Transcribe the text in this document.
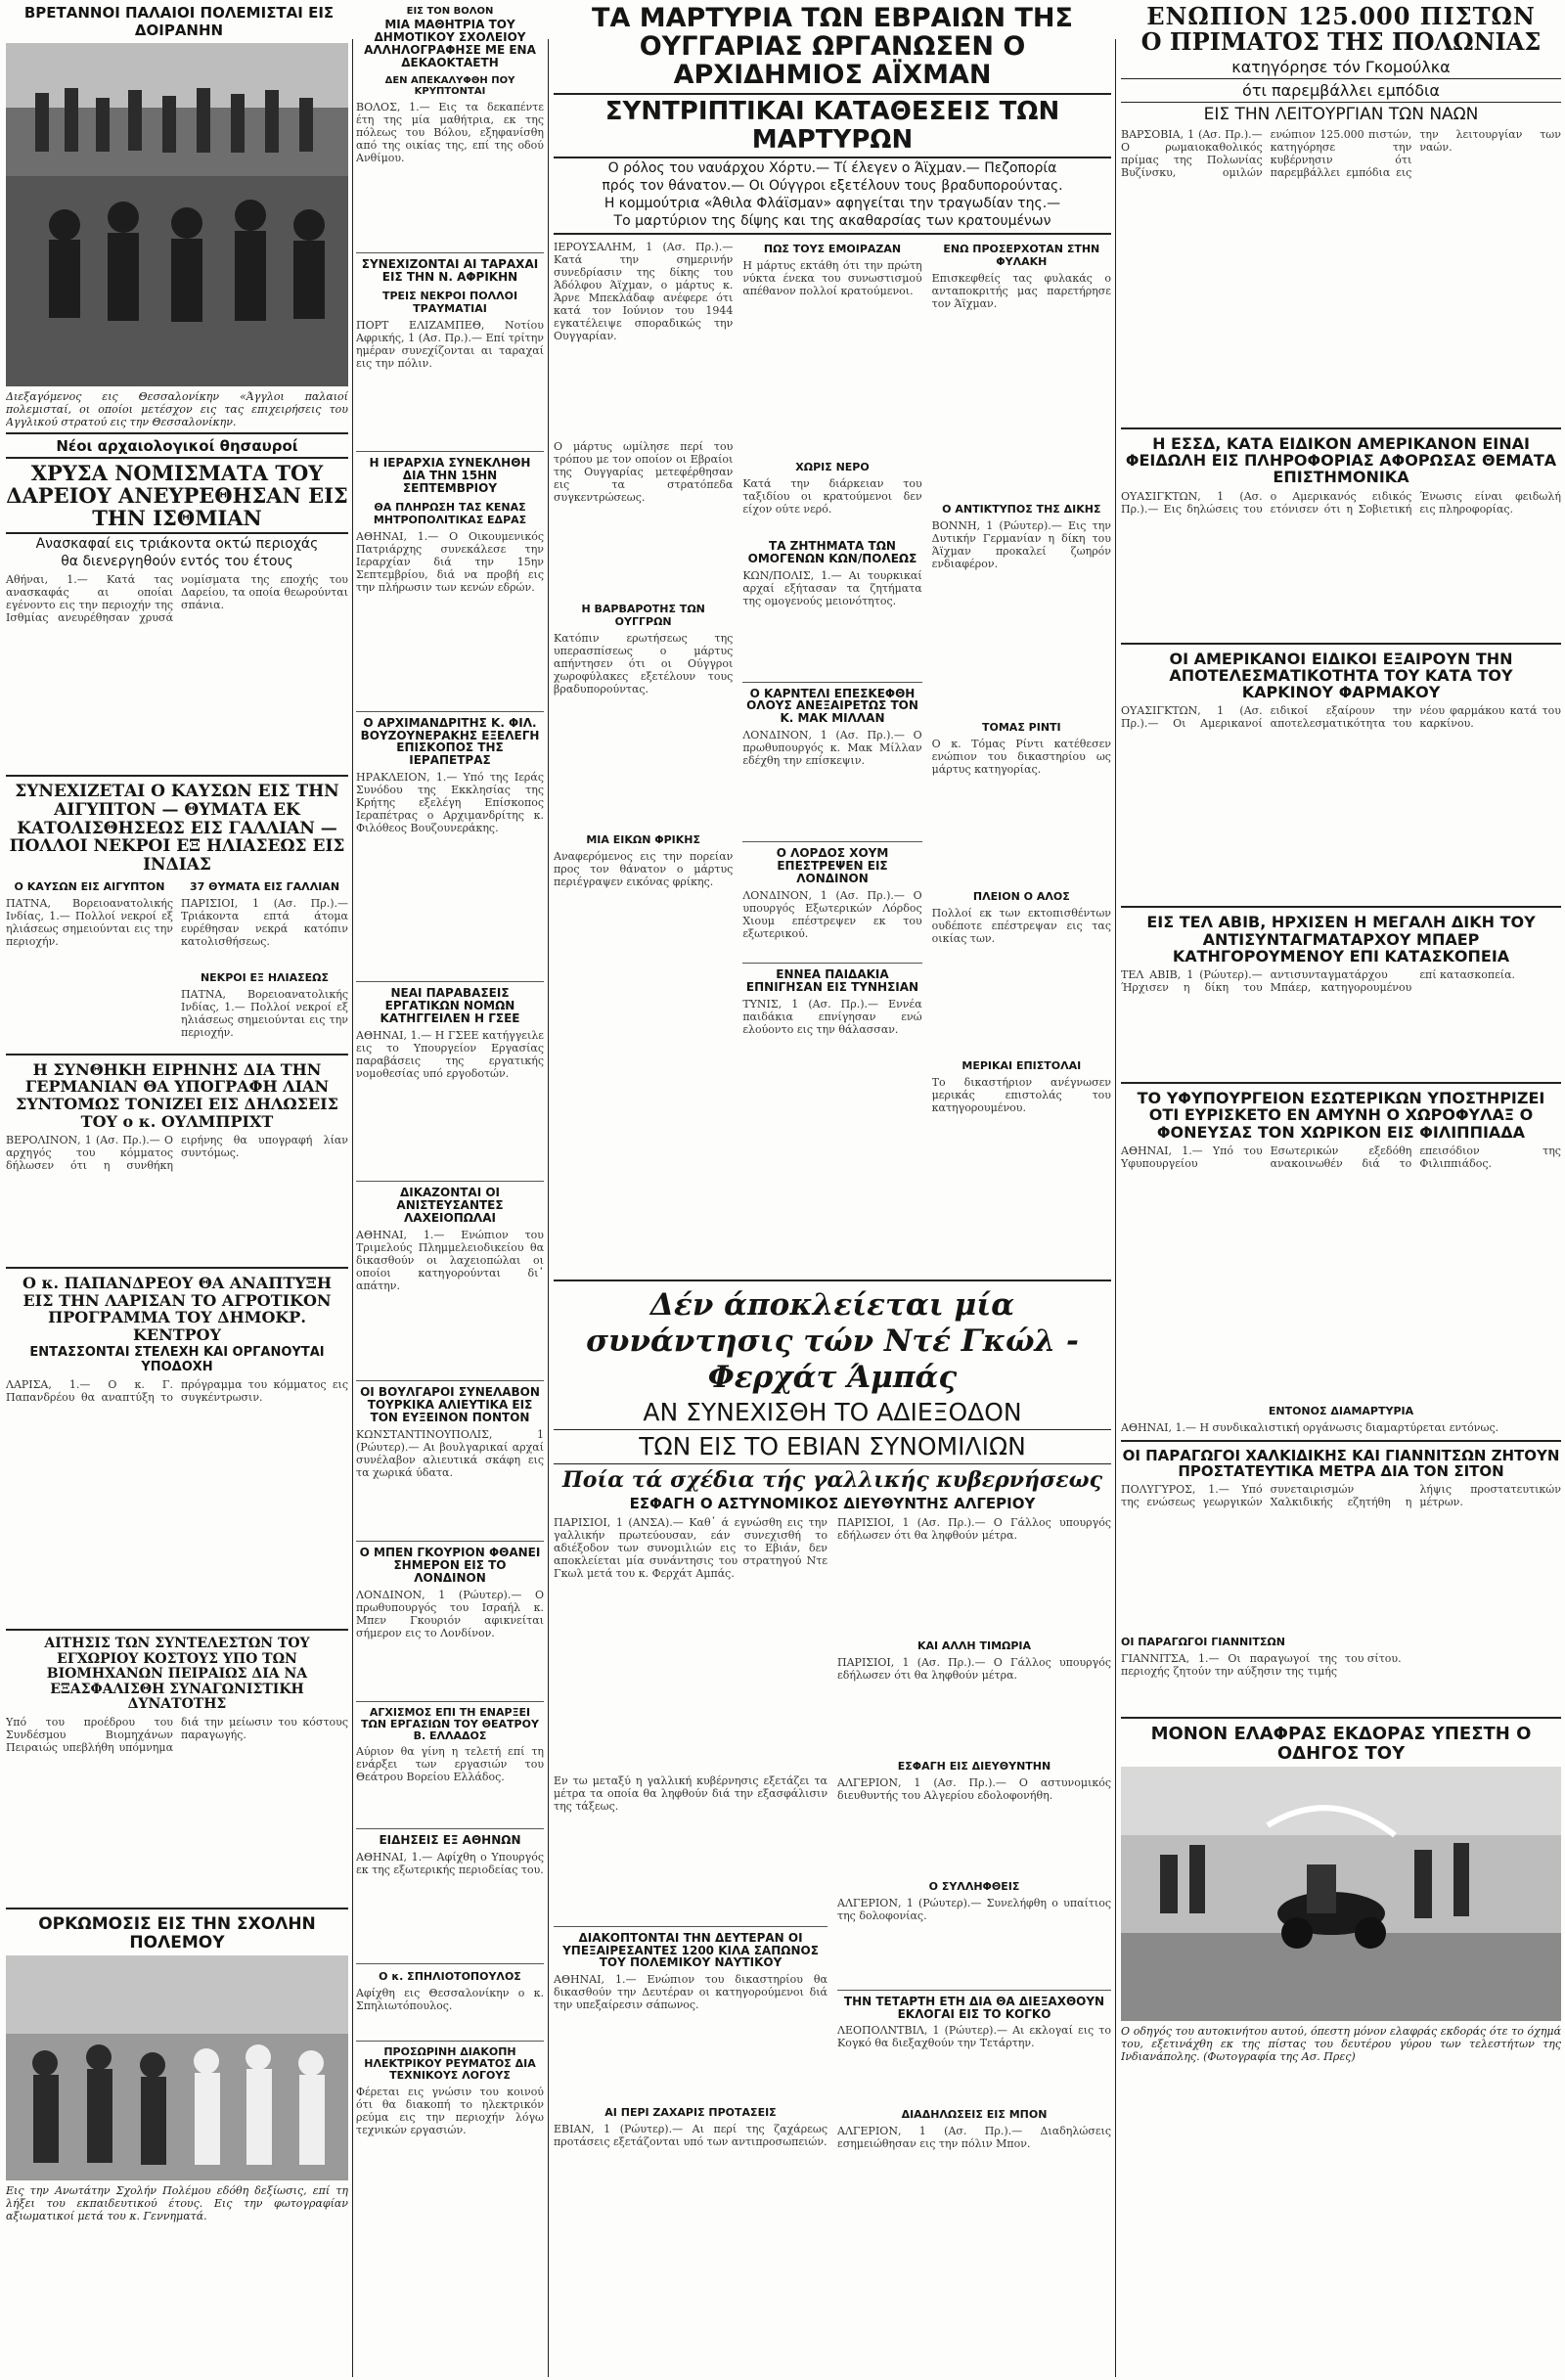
ΒΡΕΤΑΝΝΟΙ ΠΑΛΑΙΟΙ ΠΟΛΕΜΙΣΤΑΙ ΕΙΣ ΔΟΙΡΑΝΗΝ
Διεξαγόμενος εις Θεσσαλονίκην «Άγγλοι παλαιοί πολεμισταί, οι οποίοι μετέσχον εις τας επιχειρήσεις του Αγγλικού στρατού εις την Θεσσαλονίκην.
Νέοι αρχαιολογικοί θησαυροί
ΧΡΥΣΑ ΝΟΜΙΣΜΑΤΑ ΤΟΥ ΔΑΡΕΙΟΥ ΑΝΕΥΡΕΘΗΣΑΝ ΕΙΣ ΤΗΝ ΙΣΘΜΙΑΝ
Ανασκαφαί εις τριάκοντα οκτώ περιοχάς
θα διενεργηθούν εντός του έτους
Αθήναι, 1.— Κατά τας ανασκαφάς αι οποίαι εγένοντο εις την περιοχήν της Ισθμίας ανευρέθησαν χρυσά νομίσματα της εποχής του Δαρείου, τα οποία θεωρούνται σπάνια.
ΣΥΝΕΧΙΖΕΤΑΙ Ο ΚΑΥΣΩΝ ΕΙΣ ΤΗΝ ΑΙΓΥΠΤΟΝ — ΘΥΜΑΤΑ ΕΚ ΚΑΤΟΛΙΣΘΗΣΕΩΣ ΕΙΣ ΓΑΛΛΙΑΝ — ΠΟΛΛΟΙ ΝΕΚΡΟΙ ΕΞ ΗΛΙΑΣΕΩΣ ΕΙΣ ΙΝΔΙΑΣ
Ο ΚΑΥΣΩΝ ΕΙΣ ΑΙΓΥΠΤΟΝ
ΠΑΤΝΑ, Βορειοανατολικής Ινδίας, 1.— Πολλοί νεκροί εξ ηλιάσεως σημειούνται εις την περιοχήν.
37 ΘΥΜΑΤΑ ΕΙΣ ΓΑΛΛΙΑΝ
ΠΑΡΙΣΙΟΙ, 1 (Ασ. Πρ.).— Τριάκοντα επτά άτομα ευρέθησαν νεκρά κατόπιν κατολισθήσεως.
ΝΕΚΡΟΙ ΕΞ ΗΛΙΑΣΕΩΣ
ΠΑΤΝΑ, Βορειοανατολικής Ινδίας, 1.— Πολλοί νεκροί εξ ηλιάσεως σημειούνται εις την περιοχήν.
Η ΣΥΝΘΗΚΗ ΕΙΡΗΝΗΣ ΔΙΑ ΤΗΝ ΓΕΡΜΑΝΙΑΝ ΘΑ ΥΠΟΓΡΑΦΗ ΛΙΑΝ ΣΥΝΤΟΜΩΣ ΤΟΝΙΖΕΙ ΕΙΣ ΔΗΛΩΣΕΙΣ ΤΟΥ ο κ. ΟΥΛΜΠΡΙΧΤ
ΒΕΡΟΛΙΝΟΝ, 1 (Ασ. Πρ.).— Ο αρχηγός του κόμματος δήλωσεν ότι η συνθήκη ειρήνης θα υπογραφή λίαν συντόμως.
Ο κ. ΠΑΠΑΝΔΡΕΟΥ ΘΑ ΑΝΑΠΤΥΞΗ ΕΙΣ ΤΗΝ ΛΑΡΙΣΑΝ ΤΟ ΑΓΡΟΤΙΚΟΝ ΠΡΟΓΡΑΜΜΑ ΤΟΥ ΔΗΜΟΚΡ. ΚΕΝΤΡΟΥ
ΕΝΤΑΣΣΟΝΤΑΙ ΣΤΕΛΕΧΗ ΚΑΙ ΟΡΓΑΝΟΥΤΑΙ ΥΠΟΔΟΧΗ
ΛΑΡΙΣΑ, 1.— Ο κ. Γ. Παπανδρέου θα αναπτύξη το πρόγραμμα του κόμματος εις συγκέντρωσιν.
ΑΙΤΗΣΙΣ ΤΩΝ ΣΥΝΤΕΛΕΣΤΩΝ ΤΟΥ ΕΓΧΩΡΙΟΥ ΚΟΣΤΟΥΣ ΥΠΟ ΤΩΝ ΒΙΟΜΗΧΑΝΩΝ ΠΕΙΡΑΙΩΣ ΔΙΑ ΝΑ ΕΞΑΣΦΑΛΙΣΘΗ ΣΥΝΑΓΩΝΙΣΤΙΚΗ ΔΥΝΑΤΟΤΗΣ
Υπό του προέδρου του Συνδέσμου Βιομηχάνων Πειραιώς υπεβλήθη υπόμνημα διά την μείωσιν του κόστους παραγωγής.
ΟΡΚΩΜΟΣΙΣ ΕΙΣ ΤΗΝ ΣΧΟΛΗΝ ΠΟΛΕΜΟΥ
Εις την Ανωτάτην Σχολήν Πολέμου εδόθη δεξίωσις, επί τη λήξει του εκπαιδευτικού έτους. Εις την φωτογραφίαν αξιωματικοί μετά του κ. Γεννηματά.
ΕΙΣ ΤΟΝ ΒΟΛΟΝ
ΜΙΑ ΜΑΘΗΤΡΙΑ ΤΟΥ ΔΗΜΟΤΙΚΟΥ ΣΧΟΛΕΙΟΥ ΑΛΛΗΛΟΓΡΑΦΗΣΕ ΜΕ ΕΝΑ ΔΕΚΑΟΚΤΑΕΤΗ
ΔΕΝ ΑΠΕΚΑΛΥΦΘΗ ΠΟΥ ΚΡΥΠΤΟΝΤΑΙ
ΒΟΛΟΣ, 1.— Εις τα δεκαπέντε έτη της μία μαθήτρια, εκ της πόλεως του Βόλου, εξηφανίσθη από της οικίας της, επί της οδού Ανθίμου.
ΣΥΝΕΧΙΖΟΝΤΑΙ ΑΙ ΤΑΡΑΧΑΙ ΕΙΣ ΤΗΝ Ν. ΑΦΡΙΚΗΝ
ΤΡΕΙΣ ΝΕΚΡΟΙ ΠΟΛΛΟΙ ΤΡΑΥΜΑΤΙΑΙ
ΠΟΡΤ ΕΛΙΖΑΜΠΕΘ, Νοτίου Αφρικής, 1 (Ασ. Πρ.).— Επί τρίτην ημέραν συνεχίζονται αι ταραχαί εις την πόλιν.
Η ΙΕΡΑΡΧΙΑ ΣΥΝΕΚΛΗΘΗ ΔΙΑ ΤΗΝ 15ΗΝ ΣΕΠΤΕΜΒΡΙΟΥ
ΘΑ ΠΛΗΡΩΣΗ ΤΑΣ ΚΕΝΑΣ ΜΗΤΡΟΠΟΛΙΤΙΚΑΣ ΕΔΡΑΣ
ΑΘΗΝΑΙ, 1.— Ο Οικουμενικός Πατριάρχης συνεκάλεσε την Ιεραρχίαν διά την 15ην Σεπτεμβρίου, διά να προβή εις την πλήρωσιν των κενών εδρών.
Ο ΑΡΧΙΜΑΝΔΡΙΤΗΣ Κ. ΦΙΛ. ΒΟΥΖΟΥΝΕΡΑΚΗΣ ΕΞΕΛΕΓΗ ΕΠΙΣΚΟΠΟΣ ΤΗΣ ΙΕΡΑΠΕΤΡΑΣ
ΗΡΑΚΛΕΙΟΝ, 1.— Υπό της Ιεράς Συνόδου της Εκκλησίας της Κρήτης εξελέγη Επίσκοπος Ιεραπέτρας ο Αρχιμανδρίτης κ. Φιλόθεος Βουζουνεράκης.
ΝΕΑΙ ΠΑΡΑΒΑΣΕΙΣ ΕΡΓΑΤΙΚΩΝ ΝΟΜΩΝ ΚΑΤΗΓΓΕΙΛΕΝ Η ΓΣΕΕ
ΑΘΗΝΑΙ, 1.— Η ΓΣΕΕ κατήγγειλε εις το Υπουργείον Εργασίας παραβάσεις της εργατικής νομοθεσίας υπό εργοδοτών.
ΔΙΚΑΖΟΝΤΑΙ ΟΙ ΑΝΙΣΤΕΥΣΑΝΤΕΣ ΛΑΧΕΙΟΠΩΛΑΙ
ΑΘΗΝΑΙ, 1.— Ενώπιον του Τριμελούς Πλημμελειοδικείου θα δικασθούν οι λαχειοπώλαι οι οποίοι κατηγορούνται δι᾽ απάτην.
ΟΙ ΒΟΥΛΓΑΡΟΙ ΣΥΝΕΛΑΒΟΝ ΤΟΥΡΚΙΚΑ ΑΛΙΕΥΤΙΚΑ ΕΙΣ ΤΟΝ ΕΥΞΕΙΝΟΝ ΠΟΝΤΟΝ
ΚΩΝΣΤΑΝΤΙΝΟΥΠΟΛΙΣ, 1 (Ρώυτερ).— Αι βουλγαρικαί αρχαί συνέλαβον αλιευτικά σκάφη εις τα χωρικά ύδατα.
Ο ΜΠΕΝ ΓΚΟΥΡΙΟΝ ΦΘΑΝΕΙ ΣΗΜΕΡΟΝ ΕΙΣ ΤΟ ΛΟΝΔΙΝΟΝ
ΛΟΝΔΙΝΟΝ, 1 (Ρώυτερ).— Ο πρωθυπουργός του Ισραήλ κ. Μπεν Γκουριόν αφικνείται σήμερον εις το Λονδίνον.
ΑΓΧΙΣΜΟΣ ΕΠΙ ΤΗ ΕΝΑΡΞΕΙ ΤΩΝ ΕΡΓΑΣΙΩΝ ΤΟΥ ΘΕΑΤΡΟΥ Β. ΕΛΛΑΔΟΣ
Αύριον θα γίνη η τελετή επί τη ενάρξει των εργασιών του Θεάτρου Βορείου Ελλάδος.
ΕΙΔΗΣΕΙΣ ΕΞ ΑΘΗΝΩΝ
ΑΘΗΝΑΙ, 1.— Αφίχθη ο Υπουργός εκ της εξωτερικής περιοδείας του.
Ο κ. ΣΠΗΛΙΟΤΟΠΟΥΛΟΣ
Αφίχθη εις Θεσσαλονίκην ο κ. Σπηλιωτόπουλος.
ΠΡΟΣΩΡΙΝΗ ΔΙΑΚΟΠΗ ΗΛΕΚΤΡΙΚΟΥ ΡΕΥΜΑΤΟΣ ΔΙΑ ΤΕΧΝΙΚΟΥΣ ΛΟΓΟΥΣ
Φέρεται εις γνώσιν του κοινού ότι θα διακοπή το ηλεκτρικόν ρεύμα εις την περιοχήν λόγω τεχνικών εργασιών.
ΤΑ ΜΑΡΤΥΡΙΑ ΤΩΝ ΕΒΡΑΙΩΝ ΤΗΣ ΟΥΓΓΑΡΙΑΣ ΩΡΓΑΝΩΣΕΝ Ο ΑΡΧΙΔΗΜΙΟΣ ΑΪΧΜΑΝ
ΣΥΝΤΡΙΠΤΙΚΑΙ ΚΑΤΑΘΕΣΕΙΣ ΤΩΝ ΜΑΡΤΥΡΩΝ
Ο ρόλος του ναυάρχου Χόρτυ.— Τί έλεγεν ο Άϊχμαν.— Πεζοπορία
πρός τον θάνατον.— Οι Ούγγροι εξετέλουν τους βραδυπορούντας.
Η κομμούτρια «Άθιλα Φλάϊσμαν» αφηγείται την τραγωδίαν της.—
Το μαρτύριον της δίψης και της ακαθαρσίας των κρατουμένων
ΙΕΡΟΥΣΑΛΗΜ, 1 (Ασ. Πρ.).— Κατά την σημερινήν συνεδρίασιν της δίκης του Άδόλφου Άϊχμαν, ο μάρτυς κ. Άρνε Μπεκλάδαφ ανέφερε ότι κατά τον Ιούνιον του 1944 εγκατέλειψε σποραδικώς την Ουγγαρίαν.
Ο μάρτυς ωμίλησε περί του τρόπου με τον οποίον οι Εβραίοι της Ουγγαρίας μετεφέρθησαν εις τα στρατόπεδα συγκεντρώσεως.
Η ΒΑΡΒΑΡΟΤΗΣ ΤΩΝ ΟΥΓΓΡΩΝ
Κατόπιν ερωτήσεως της υπερασπίσεως ο μάρτυς απήντησεν ότι οι Ούγγροι χωροφύλακες εξετέλουν τους βραδυπορούντας.
ΜΙΑ ΕΙΚΩΝ ΦΡΙΚΗΣ
Αναφερόμενος εις την πορείαν προς τον θάνατον ο μάρτυς περιέγραψεν εικόνας φρίκης.
ΠΩΣ ΤΟΥΣ ΕΜΟΙΡΑΖΑΝ
Η μάρτυς εκτάθη ότι την πρώτη νύκτα ένεκα του συνωστισμού απέθανον πολλοί κρατούμενοι.
ΧΩΡΙΣ ΝΕΡΟ
Κατά την διάρκειαν του ταξιδίου οι κρατούμενοι δεν είχον ούτε νερό.
ΤΑ ΖΗΤΗΜΑΤΑ ΤΩΝ ΟΜΟΓΕΝΩΝ ΚΩΝ/ΠΟΛΕΩΣ
ΚΩΝ/ΠΟΛΙΣ, 1.— Αι τουρκικαί αρχαί εξήτασαν τα ζητήματα της ομογενούς μειονότητος.
Ο ΚΑΡΝΤΕΛΙ ΕΠΕΣΚΕΦΘΗ ΟΛΟΥΣ ΑΝΕΞΑΙΡΕΤΩΣ ΤΟΝ Κ. ΜΑΚ ΜΙΛΛΑΝ
ΛΟΝΔΙΝΟΝ, 1 (Ασ. Πρ.).— Ο πρωθυπουργός κ. Μακ Μίλλαν εδέχθη την επίσκεψιν.
Ο ΛΟΡΔΟΣ ΧΟΥΜ ΕΠΕΣΤΡΕΨΕΝ ΕΙΣ ΛΟΝΔΙΝΟΝ
ΛΟΝΔΙΝΟΝ, 1 (Ασ. Πρ.).— Ο υπουργός Εξωτερικών Λόρδος Χιουμ επέστρεψεν εκ του εξωτερικού.
ΕΝΝΕΑ ΠΑΙΔΑΚΙΑ ΕΠΝΙΓΗΣΑΝ ΕΙΣ ΤΥΝΗΣΙΑΝ
ΤΥΝΙΣ, 1 (Ασ. Πρ.).— Εννέα παιδάκια επνίγησαν ενώ ελούοντο εις την θάλασσαν.
ΕΝΩ ΠΡΟΣΕΡΧΟΤΑΝ ΣΤΗΝ ΦΥΛΑΚΗ
Επισκεφθείς τας φυλακάς ο ανταποκριτής μας παρετήρησε τον Άϊχμαν.
Ο ΑΝΤΙΚΤΥΠΟΣ ΤΗΣ ΔΙΚΗΣ
ΒΟΝΝΗ, 1 (Ρώυτερ).— Εις την Δυτικήν Γερμανίαν η δίκη του Άϊχμαν προκαλεί ζωηρόν ενδιαφέρον.
ΤΟΜΑΣ ΡΙΝΤΙ
Ο κ. Τόμας Ρίντι κατέθεσεν ενώπιον του δικαστηρίου ως μάρτυς κατηγορίας.
ΠΛΕΙΟΝ Ο ΑΛΟΣ
Πολλοί εκ των εκτοπισθέντων ουδέποτε επέστρεψαν εις τας οικίας των.
ΜΕΡΙΚΑΙ ΕΠΙΣΤΟΛΑΙ
Το δικαστήριον ανέγνωσεν μερικάς επιστολάς του κατηγορουμένου.
Δέν άποκλείεται μία συνάντησις τών Ντέ Γκώλ - Φερχάτ Άμπάς
ΑΝ ΣΥΝΕΧΙΣΘΗ ΤΟ ΑΔΙΕΞΟΔΟΝ
ΤΩΝ ΕΙΣ ΤΟ ΕΒΙΑΝ ΣΥΝΟΜΙΛΙΩΝ
Ποία τά σχέδια τής γαλλικής κυβερνήσεως
ΕΣΦΑΓΗ Ο ΑΣΤΥΝΟΜΙΚΟΣ ΔΙΕΥΘΥΝΤΗΣ ΑΛΓΕΡΙΟΥ
ΠΑΡΙΣΙΟΙ, 1 (ΑΝΣΑ).— Καθ᾽ ά εγνώσθη εις την γαλλικήν πρωτεύουσαν, εάν συνεχισθή το αδιέξοδον των συνομιλιών εις το Εβιάν, δεν αποκλείεται μία συνάντησις του στρατηγού Ντε Γκωλ μετά του κ. Φερχάτ Αμπάς.
Εν τω μεταξύ η γαλλική κυβέρνησις εξετάζει τα μέτρα τα οποία θα ληφθούν διά την εξασφάλισιν της τάξεως.
ΔΙΑΚΟΠΤΟΝΤΑΙ ΤΗΝ ΔΕΥΤΕΡΑΝ ΟΙ ΥΠΕΞΑΙΡΕΣΑΝΤΕΣ 1200 ΚΙΛΑ ΣΑΠΩΝΟΣ ΤΟΥ ΠΟΛΕΜΙΚΟΥ ΝΑΥΤΙΚΟΥ
ΑΘΗΝΑΙ, 1.— Ενώπιον του δικαστηρίου θα δικασθούν την Δευτέραν οι κατηγορούμενοι διά την υπεξαίρεσιν σάπωνος.
ΑΙ ΠΕΡΙ ΖΑΧΑΡΙΣ ΠΡΟΤΑΣΕΙΣ
ΕΒΙΑΝ, 1 (Ρώυτερ).— Αι περί της ζαχάρεως προτάσεις εξετάζονται υπό των αντιπροσωπειών.
ΠΑΡΙΣΙΟΙ, 1 (Ασ. Πρ.).— Ο Γάλλος υπουργός εδήλωσεν ότι θα ληφθούν μέτρα.
ΚΑΙ ΑΛΛΗ ΤΙΜΩΡΙΑ
ΠΑΡΙΣΙΟΙ, 1 (Ασ. Πρ.).— Ο Γάλλος υπουργός εδήλωσεν ότι θα ληφθούν μέτρα.
ΕΣΦΑΓΗ ΕΙΣ ΔΙΕΥΘΥΝΤΗΝ
ΑΛΓΕΡΙΟΝ, 1 (Ασ. Πρ.).— Ο αστυνομικός διευθυντής του Αλγερίου εδολοφονήθη.
Ο ΣΥΛΛΗΦΘΕΙΣ
ΑΛΓΕΡΙΟΝ, 1 (Ρώυτερ).— Συνελήφθη ο υπαίτιος της δολοφονίας.
ΤΗΝ ΤΕΤΑΡΤΗ ΕΤΗ ΔΙΑ ΘΑ ΔΙΕΞΑΧΘΟΥΝ ΕΚΛΟΓΑΙ ΕΙΣ ΤΟ ΚΟΓΚΟ
ΛΕΟΠΟΛΝΤΒΙΛ, 1 (Ρώυτερ).— Αι εκλογαί εις το Κογκό θα διεξαχθούν την Τετάρτην.
ΔΙΑΔΗΛΩΣΕΙΣ ΕΙΣ ΜΠΟΝ
ΑΛΓΕΡΙΟΝ, 1 (Ασ. Πρ.).— Διαδηλώσεις εσημειώθησαν εις την πόλιν Μπον.
ΕΝΩΠΙΟΝ 125.000 ΠΙΣΤΩΝ
Ο ΠΡΙΜΑΤΟΣ ΤΗΣ ΠΟΛΩΝΙΑΣ
κατηγόρησε τόν Γκομούλκα
ότι παρεμβάλλει εμπόδια
ΕΙΣ ΤΗΝ ΛΕΙΤΟΥΡΓΙΑΝ ΤΩΝ ΝΑΩΝ
ΒΑΡΣΟΒΙΑ, 1 (Ασ. Πρ.).— Ο ρωμαιοκαθολικός πρίμας της Πολωνίας Βυζίνσκυ, ομιλών ενώπιον 125.000 πιστών, κατηγόρησε την κυβέρνησιν ότι παρεμβάλλει εμπόδια εις την λειτουργίαν των ναών.
Η ΕΣΣΔ, ΚΑΤΑ ΕΙΔΙΚΟΝ ΑΜΕΡΙΚΑΝΟΝ ΕΙΝΑΙ ΦΕΙΔΩΛΗ ΕΙΣ ΠΛΗΡΟΦΟΡΙΑΣ ΑΦΟΡΩΣΑΣ ΘΕΜΑΤΑ ΕΠΙΣΤΗΜΟΝΙΚΑ
ΟΥΑΣΙΓΚΤΩΝ, 1 (Ασ. Πρ.).— Εις δηλώσεις του ο Αμερικανός ειδικός ετόνισεν ότι η Σοβιετική Ένωσις είναι φειδωλή εις πληροφορίας.
ΟΙ ΑΜΕΡΙΚΑΝΟΙ ΕΙΔΙΚΟΙ ΕΞΑΙΡΟΥΝ ΤΗΝ ΑΠΟΤΕΛΕΣΜΑΤΙΚΟΤΗΤΑ ΤΟΥ ΚΑΤΑ ΤΟΥ ΚΑΡΚΙΝΟΥ ΦΑΡΜΑΚΟΥ
ΟΥΑΣΙΓΚΤΩΝ, 1 (Ασ. Πρ.).— Οι Αμερικανοί ειδικοί εξαίρουν την αποτελεσματικότητα του νέου φαρμάκου κατά του καρκίνου.
ΕΙΣ ΤΕΛ ΑΒΙΒ, ΗΡΧΙΣΕΝ Η ΜΕΓΑΛΗ ΔΙΚΗ ΤΟΥ ΑΝΤΙΣΥΝΤΑΓΜΑΤΑΡΧΟΥ ΜΠΑΕΡ ΚΑΤΗΓΟΡΟΥΜΕΝΟΥ ΕΠΙ ΚΑΤΑΣΚΟΠΕΙΑ
ΤΕΛ ΑΒΙΒ, 1 (Ρώυτερ).— Ήρχισεν η δίκη του αντισυνταγματάρχου Μπάερ, κατηγορουμένου επί κατασκοπεία.
ΤΟ ΥΦΥΠΟΥΡΓΕΙΟΝ ΕΣΩΤΕΡΙΚΩΝ ΥΠΟΣΤΗΡΙΖΕΙ ΟΤΙ ΕΥΡΙΣΚΕΤΟ ΕΝ ΑΜΥΝΗ Ο ΧΩΡΟΦΥΛΑΞ Ο ΦΟΝΕΥΣΑΣ ΤΟΝ ΧΩΡΙΚΟΝ ΕΙΣ ΦΙΛΙΠΠΙΑΔΑ
ΑΘΗΝΑΙ, 1.— Υπό του Υφυπουργείου Εσωτερικών εξεδόθη ανακοινωθέν διά το επεισόδιον της Φιλιππιάδος.
ΕΝΤΟΝΟΣ ΔΙΑΜΑΡΤΥΡΙΑ
ΑΘΗΝΑΙ, 1.— Η συνδικαλιστική οργάνωσις διαμαρτύρεται εντόνως.
ΟΙ ΠΑΡΑΓΩΓΟΙ ΧΑΛΚΙΔΙΚΗΣ ΚΑΙ ΓΙΑΝΝΙΤΣΩΝ ΖΗΤΟΥΝ ΠΡΟΣΤΑΤΕΥΤΙΚΑ ΜΕΤΡΑ ΔΙΑ ΤΟΝ ΣΙΤΟΝ
ΠΟΛΥΓΥΡΟΣ, 1.— Υπό της ενώσεως γεωργικών συνεταιρισμών Χαλκιδικής εζητήθη η λήψις προστατευτικών μέτρων.
ΟΙ ΠΑΡΑΓΩΓΟΙ ΓΙΑΝΝΙΤΣΩΝ
ΓΙΑΝΝΙΤΣΑ, 1.— Οι παραγωγοί της περιοχής ζητούν την αύξησιν της τιμής του σίτου.
ΜΟΝΟΝ ΕΛΑΦΡΑΣ ΕΚΔΟΡΑΣ ΥΠΕΣΤΗ Ο ΟΔΗΓΟΣ ΤΟΥ
Ο οδηγός του αυτοκινήτου αυτού, όπεστη μόνον ελαφράς εκδοράς ότε το όχημά του, εξετινάχθη εκ της πίστας του δευτέρου γύρου των τελεστήτων της Ινδιανάπολης. (Φωτογραφία της Ασ. Πρες)
